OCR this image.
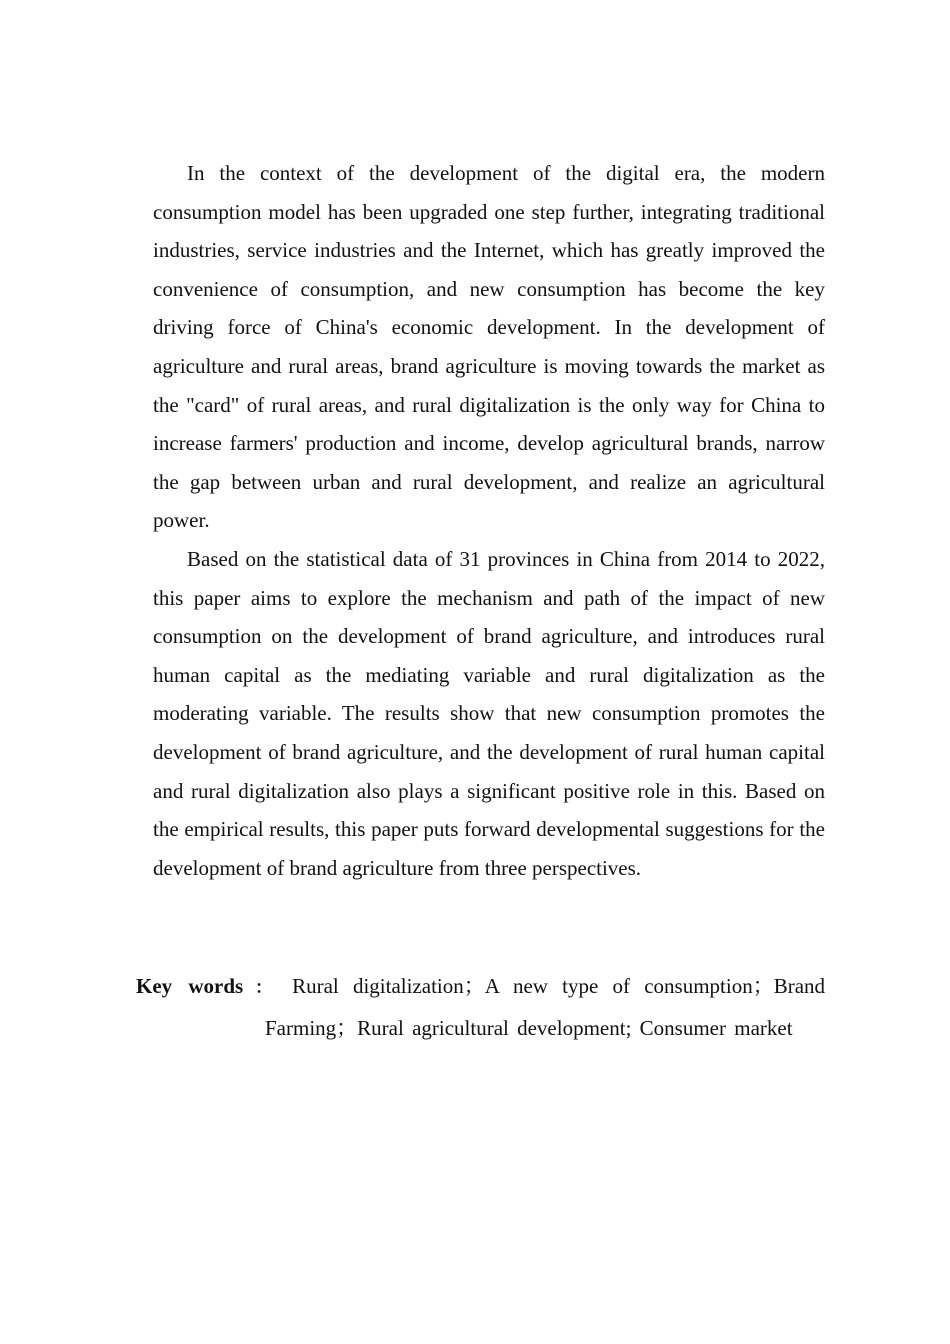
In the context of the development of the digital era, the modern consumption model has been upgraded one step further, integrating traditional industries, service industries and the Internet, which has greatly improved the convenience of consumption, and new consumption has become the key driving force of China's economic development. In the development of agriculture and rural areas, brand agriculture is moving towards the market as the "card" of rural areas, and rural digitalization is the only way for China to increase farmers' production and income, develop agricultural brands, narrow the gap between urban and rural development, and realize an agricultural power.

Based on the statistical data of 31 provinces in China from 2014 to 2022, this paper aims to explore the mechanism and path of the impact of new consumption on the development of brand agriculture, and introduces rural human capital as the mediating variable and rural digitalization as the moderating variable. The results show that new consumption promotes the development of brand agriculture, and the development of rural human capital and rural digitalization also plays a significant positive role in this. Based on the empirical results, this paper puts forward developmental suggestions for the development of brand agriculture from three perspectives.

Key words ： Rural digitalization；A new type of consumption；Brand Farming；Rural agricultural development; Consumer market
